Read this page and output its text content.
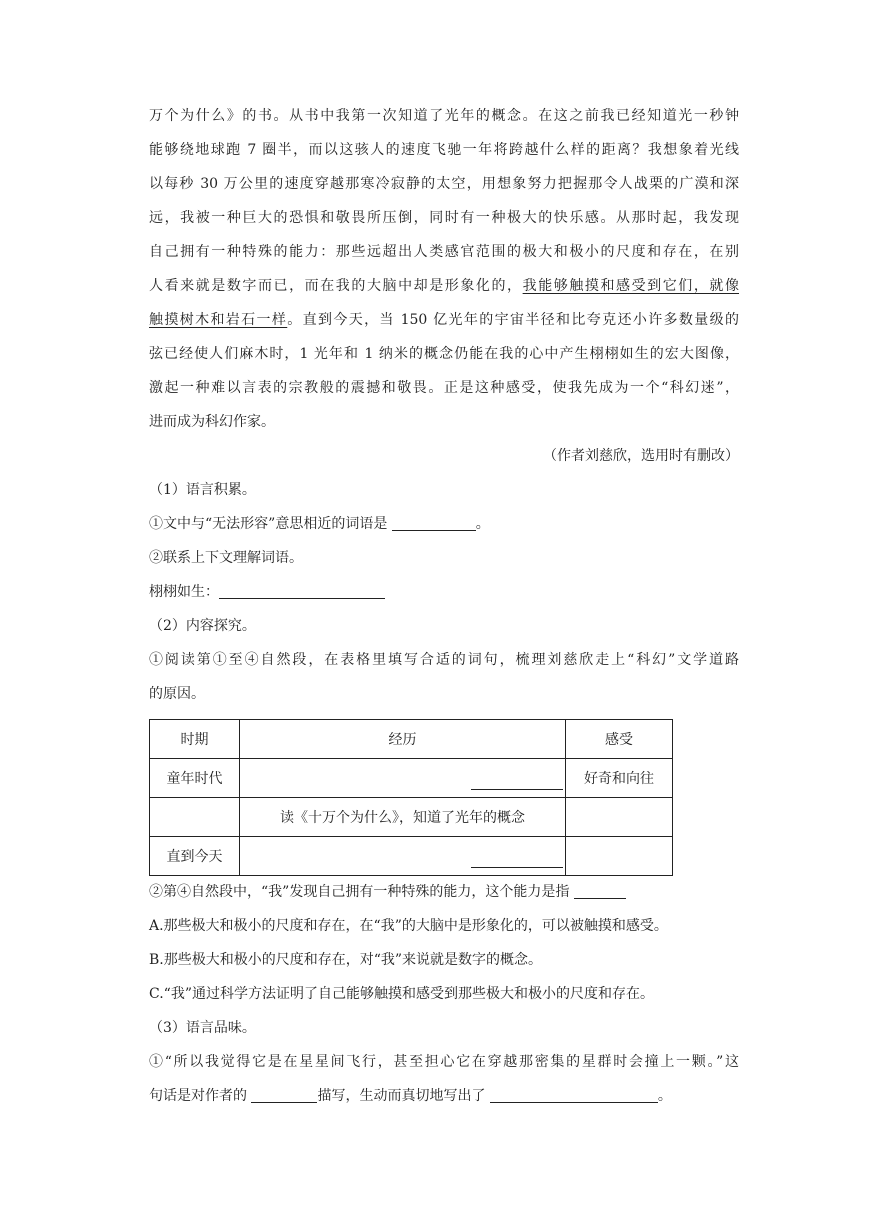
万个为什么》的书。从书中我第一次知道了光年的概念。在这之前我已经知道光一秒钟
能够绕地球跑 7 圈半，而以这骇人的速度飞驰一年将跨越什么样的距离？我想象着光线
以每秒 30 万公里的速度穿越那寒冷寂静的太空，用想象努力把握那令人战栗的广漠和深
远，我被一种巨大的恐惧和敬畏所压倒，同时有一种极大的快乐感。从那时起，我发现
自己拥有一种特殊的能力：那些远超出人类感官范围的极大和极小的尺度和存在，在别
人看来就是数字而已，而在我的大脑中却是形象化的，我能够触摸和感受到它们，就像
触摸树木和岩石一样。直到今天，当 150 亿光年的宇宙半径和比夸克还小许多数量级的
弦已经使人们麻木时，1 光年和 1 纳米的概念仍能在我的心中产生栩栩如生的宏大图像，
激起一种难以言表的宗教般的震撼和敬畏。正是这种感受，使我先成为一个“科幻迷”，
进而成为科幻作家。
（作者刘慈欣，选用时有删改）
（1）语言积累。
①文中与“无法形容”意思相近的词语是	。
②联系上下文理解词语。
栩栩如生：
（2）内容探究。
①阅读第①至④自然段，在表格里填写合适的词句，梳理刘慈欣走上“科幻”文学道路
的原因。
时期	经历	感受
童年时代		好奇和向往
	读《十万个为什么》，知道了光年的概念	
直到今天	

②第④自然段中，“我”发现自己拥有一种特殊的能力，这个能力是指
A.那些极大和极小的尺度和存在，在“我”的大脑中是形象化的，可以被触摸和感受。
B.那些极大和极小的尺度和存在，对“我”来说就是数字的概念。
C.“我”通过科学方法证明了自己能够触摸和感受到那些极大和极小的尺度和存在。
（3）语言品味。
①“所以我觉得它是在星星间飞行，甚至担心它在穿越那密集的星群时会撞上一颗。”这
句话是对作者的	描写，生动而真切地写出了	。
